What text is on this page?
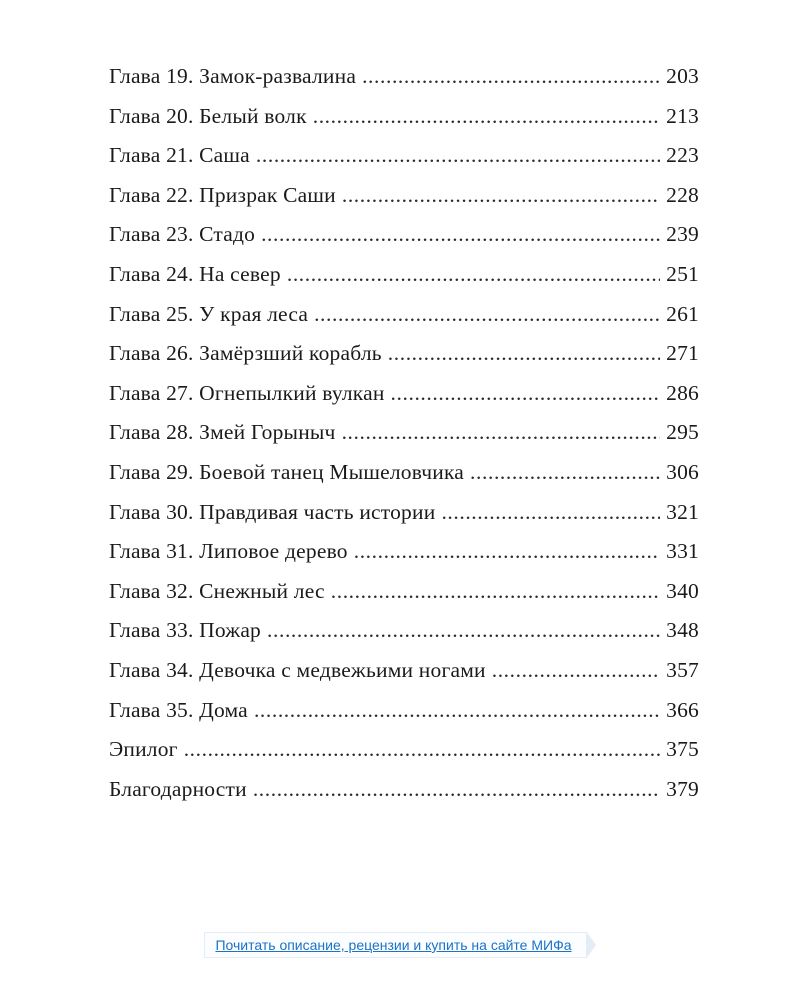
Глава 19. Замок-развалина .....	203
Глава 20. Белый волк .....	213
Глава 21. Саша .....	223
Глава 22. Призрак Саши .....	228
Глава 23. Стадо .....	239
Глава 24. На север .....	251
Глава 25. У края леса .....	261
Глава 26. Замёрзший корабль .....	271
Глава 27. Огнепылкий вулкан .....	286
Глава 28. Змей Горыныч .....	295
Глава 29. Боевой танец Мышеловчика .....	306
Глава 30. Правдивая часть истории .....	321
Глава 31. Липовое дерево .....	331
Глава 32. Снежный лес .....	340
Глава 33. Пожар .....	348
Глава 34. Девочка с медвежьими ногами .....	357
Глава 35. Дома .....	366
Эпилог .....	375
Благодарности .....	379
Почитать описание, рецензии и купить на сайте МИФа
